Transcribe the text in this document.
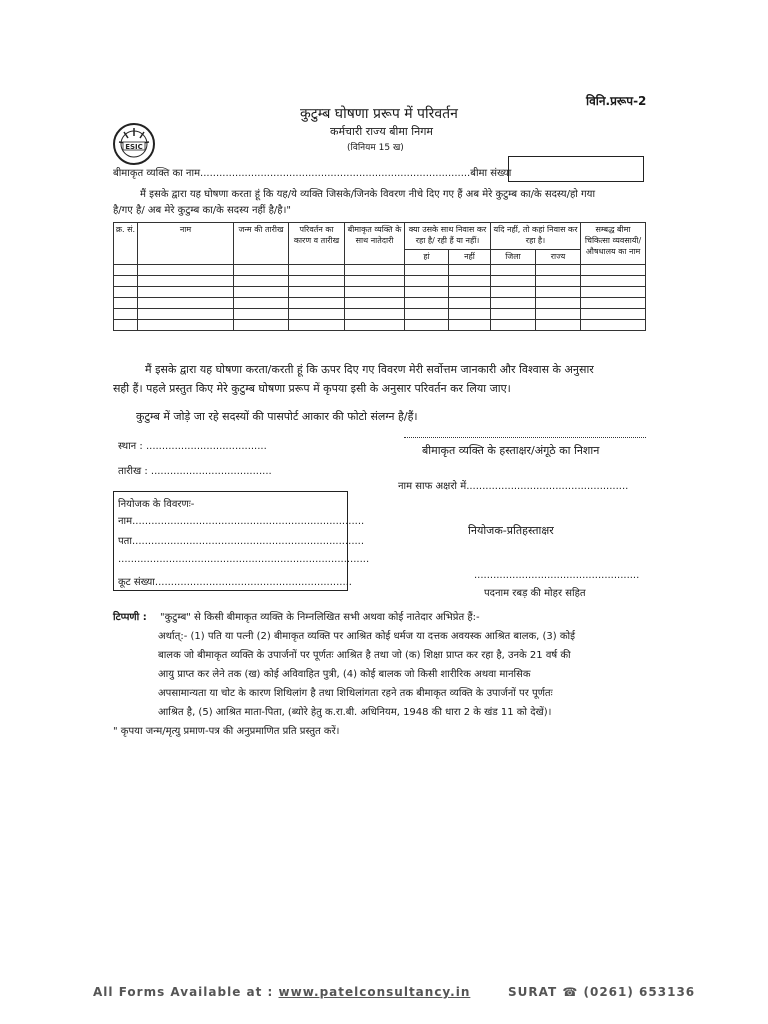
विनि.प्ररूप-2
ESIC
कुटुम्ब घोषणा प्ररूप में परिवर्तन
कर्मचारी राज्य बीमा निगम
(विनियम 15 ख)
बीमाकृत व्यक्ति का नाम.....................................................................................बीमा संख्या
मैं इसके द्वारा यह घोषणा करता हूं कि यह/ये व्यक्ति जिसके/जिनके विवरण नीचे दिए गए हैं अब मेरे कुटुम्ब का/के सदस्य/हो गया
है/गए है/ अब मेरे कुटुम्ब का/के सदस्य नहीं है/है।"
क्र. सं.	नाम	जन्म की तारीख	परिवर्तन का कारण व तारीख	बीमाकृत व्यक्ति के साथ नातेदारी	क्या उसके साथ निवास कर रहा है/ रही हैं या नहीं।		यदि नहीं, तो कहां निवास कर रहा है।		सम्बद्ध बीमा चिकित्सा व्यवसायी/ औषधालय का नाम
					हां	नहीं	जिला	राज्य	

मैं इसके द्वारा यह घोषणा करता/करती हूं कि ऊपर दिए गए विवरण मेरी सर्वोत्तम जानकारी और विश्वास के अनुसार
सही हैं। पहले प्रस्तुत किए मेरे कुटुम्ब घोषणा प्ररूप में कृपया इसी के अनुसार परिवर्तन कर लिया जाए।
कुटुम्ब में जोड़े जा रहे सदस्यों की पासपोर्ट आकार की फोटो संलग्न है/हैं।
स्थान : ......................................
तारीख : ......................................
बीमाकृत व्यक्ति के हस्ताक्षर/अंगूठे का निशान
नाम साफ अक्षरो में...................................................
नियोजक के विवरणः-
नाम.........................................................................
पता.........................................................................
...............................................................................
कूट संख्या..............................................................
नियोजक-प्रतिहस्ताक्षर
....................................................
पदनाम रबड़ की मोहर सहित
टिप्पणी : "कुटुम्ब" से किसी बीमाकृत व्यक्ति के निम्नलिखित सभी अथवा कोई नातेदार अभिप्रेत हैं:-
अर्थात्:- (1) पति या पत्नी (2) बीमाकृत व्यक्ति पर आश्रित कोई धर्मज या दत्तक अवयस्क आश्रित बालक, (3) कोई
बालक जो बीमाकृत व्यक्ति के उपार्जनों पर पूर्णतः आश्रित है तथा जो (क) शिक्षा प्राप्त कर रहा है, उनके 21 वर्ष की
आयु प्राप्त कर लेने तक (ख) कोई अविवाहित पुत्री, (4) कोई बालक जो किसी शारीरिक अथवा मानसिक
अपसामान्यता या चोट के कारण शिथिलांग है तथा शिथिलांगता रहने तक बीमाकृत व्यक्ति के उपार्जनों पर पूर्णतः
आश्रित है, (5) आश्रित माता-पिता, (ब्योरे हेतु क.रा.बी. अधिनियम, 1948 की धारा 2 के खंड 11 को देखें)।
" कृपया जन्म/मृत्यु प्रमाण-पत्र की अनुप्रमाणित प्रति प्रस्तुत करें।
All Forms Available at : www.patelconsultancy.in	SURAT ☎ (0261) 653136
